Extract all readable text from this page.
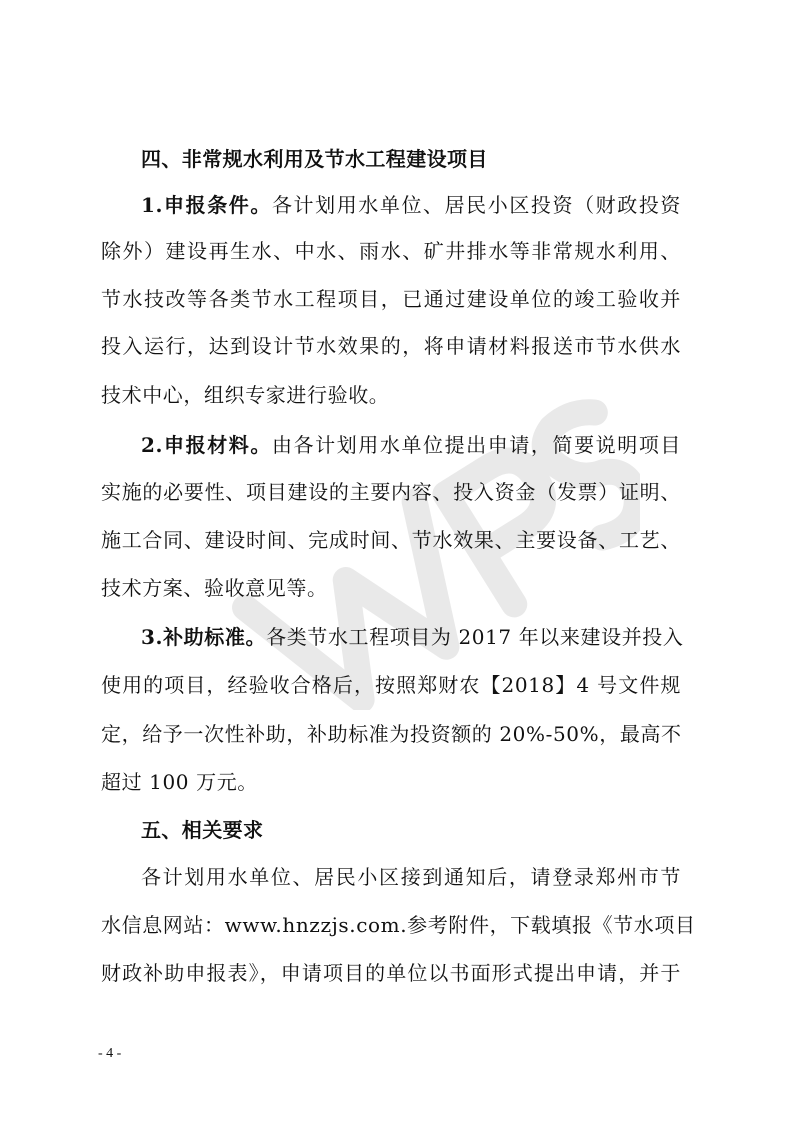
四、非常规水利用及节水工程建设项目
1.申报条件。各计划用水单位、居民小区投资（财政投资
除外）建设再生水、中水、雨水、矿井排水等非常规水利用、
节水技改等各类节水工程项目，已通过建设单位的竣工验收并
投入运行，达到设计节水效果的，将申请材料报送市节水供水
技术中心，组织专家进行验收。
2.申报材料。由各计划用水单位提出申请，简要说明项目
实施的必要性、项目建设的主要内容、投入资金（发票）证明、
施工合同、建设时间、完成时间、节水效果、主要设备、工艺、
技术方案、验收意见等。
3.补助标准。各类节水工程项目为 2017 年以来建设并投入
使用的项目，经验收合格后，按照郑财农【2018】4 号文件规
定，给予一次性补助，补助标准为投资额的 20%-50%，最高不
超过 100 万元。
五、相关要求
各计划用水单位、居民小区接到通知后，请登录郑州市节
水信息网站：www.hnzzjs.com.参考附件，下载填报《节水项目
财政补助申报表》，申请项目的单位以书面形式提出申请，并于
- 4 -
